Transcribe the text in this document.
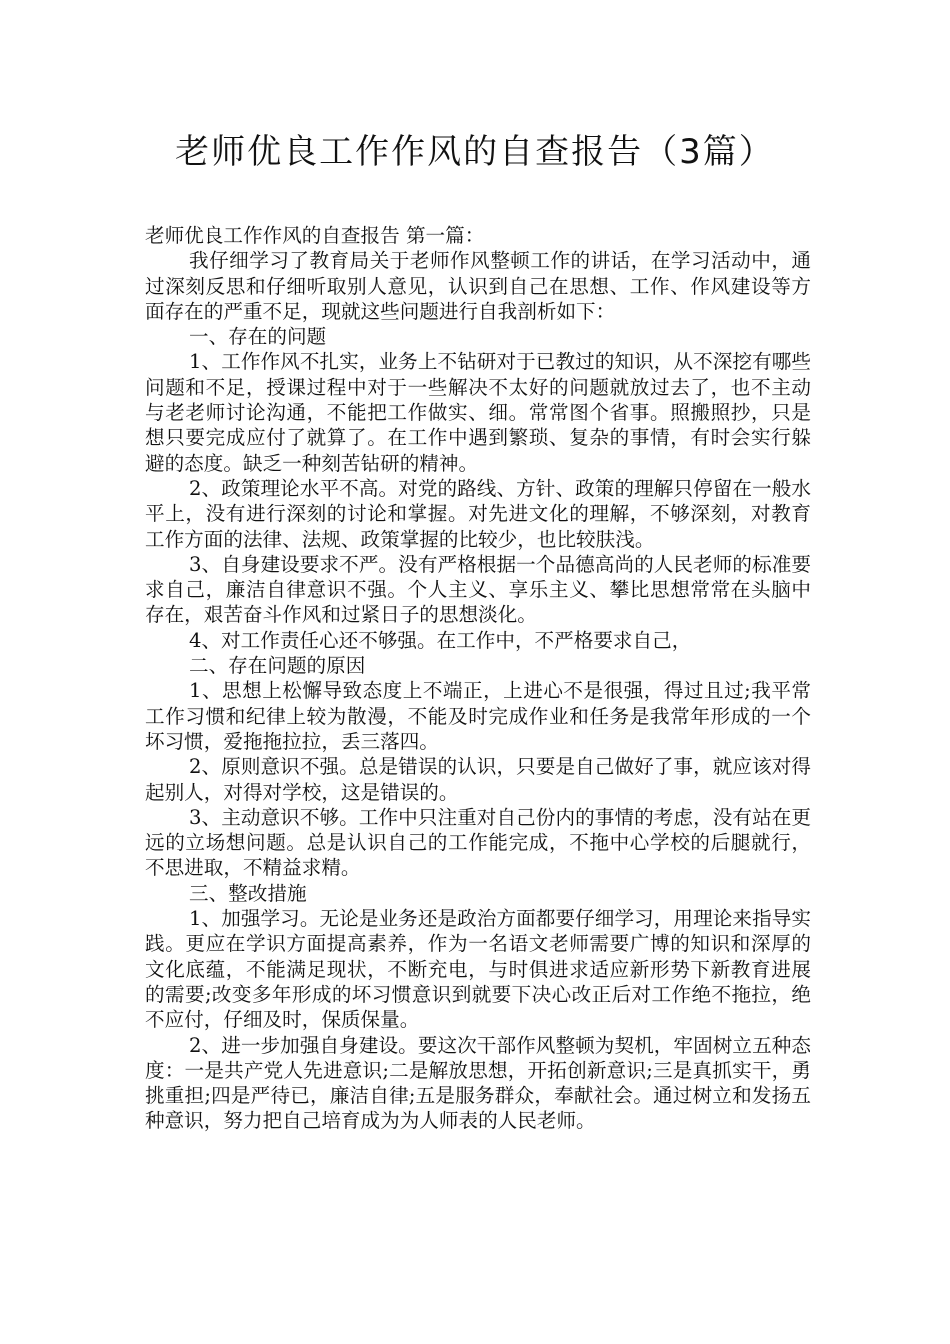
老师优良工作作风的自查报告（3篇）

老师优良工作作风的自查报告 第一篇：

我仔细学习了教育局关于老师作风整顿工作的讲话，在学习活动中，通过深刻反思和仔细听取别人意见，认识到自己在思想、工作、作风建设等方面存在的严重不足，现就这些问题进行自我剖析如下：

一、存在的问题

1、工作作风不扎实，业务上不钻研对于已教过的知识，从不深挖有哪些问题和不足，授课过程中对于一些解决不太好的问题就放过去了，也不主动与老老师讨论沟通，不能把工作做实、细。常常图个省事。照搬照抄，只是想只要完成应付了就算了。在工作中遇到繁琐、复杂的事情，有时会实行躲避的态度。缺乏一种刻苦钻研的精神。

2、政策理论水平不高。对党的路线、方针、政策的理解只停留在一般水平上，没有进行深刻的讨论和掌握。对先进文化的理解，不够深刻，对教育工作方面的法律、法规、政策掌握的比较少，也比较肤浅。

3、自身建设要求不严。没有严格根据一个品德高尚的人民老师的标准要求自己，廉洁自律意识不强。个人主义、享乐主义、攀比思想常常在头脑中存在，艰苦奋斗作风和过紧日子的思想淡化。

4、对工作责任心还不够强。在工作中，不严格要求自己，

二、存在问题的原因

1、思想上松懈导致态度上不端正，上进心不是很强，得过且过;我平常工作习惯和纪律上较为散漫，不能及时完成作业和任务是我常年形成的一个坏习惯，爱拖拖拉拉，丢三落四。

2、原则意识不强。总是错误的认识，只要是自己做好了事，就应该对得起别人，对得对学校，这是错误的。

3、主动意识不够。工作中只注重对自己份内的事情的考虑，没有站在更远的立场想问题。总是认识自己的工作能完成，不拖中心学校的后腿就行，不思进取，不精益求精。

三、整改措施

1、加强学习。无论是业务还是政治方面都要仔细学习，用理论来指导实践。更应在学识方面提高素养，作为一名语文老师需要广博的知识和深厚的文化底蕴，不能满足现状，不断充电，与时俱进求适应新形势下新教育进展的需要;改变多年形成的坏习惯意识到就要下决心改正后对工作绝不拖拉，绝不应付，仔细及时，保质保量。

2、进一步加强自身建设。要这次干部作风整顿为契机，牢固树立五种态度：一是共产党人先进意识;二是解放思想，开拓创新意识;三是真抓实干，勇挑重担;四是严待已，廉洁自律;五是服务群众，奉献社会。通过树立和发扬五种意识，努力把自己培育成为为人师表的人民老师。
